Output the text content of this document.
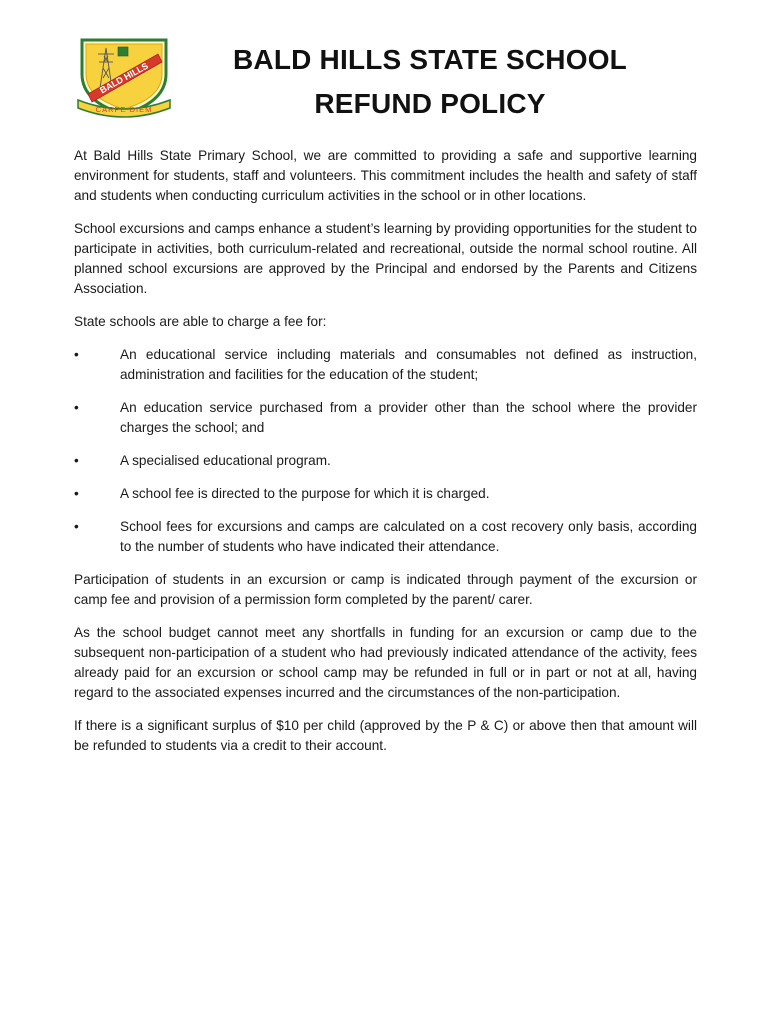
BALD HILLS
CARPE DIEM
BALD HILLS STATE SCHOOL
REFUND POLICY

At Bald Hills State Primary School, we are committed to providing a safe and supportive learning environment for students, staff and volunteers. This commitment includes the health and safety of staff and students when conducting curriculum activities in the school or in other locations.

School excursions and camps enhance a student’s learning by providing opportunities for the student to participate in activities, both curriculum-related and recreational, outside the normal school routine. All planned school excursions are approved by the Principal and endorsed by the Parents and Citizens Association.

State schools are able to charge a fee for:

•	An educational service including materials and consumables not defined as instruction, administration and facilities for the education of the student;
•	An education service purchased from a provider other than the school where the provider charges the school; and
•	A specialised educational program.
•	A school fee is directed to the purpose for which it is charged.
•	School fees for excursions and camps are calculated on a cost recovery only basis, according to the number of students who have indicated their attendance.

Participation of students in an excursion or camp is indicated through payment of the excursion or camp fee and provision of a permission form completed by the parent/ carer.

As the school budget cannot meet any shortfalls in funding for an excursion or camp due to the subsequent non-participation of a student who had previously indicated attendance of the activity, fees already paid for an excursion or school camp may be refunded in full or in part or not at all, having regard to the associated expenses incurred and the circumstances of the non-participation.

If there is a significant surplus of $10 per child (approved by the P & C) or above then that amount will be refunded to students via a credit to their account.
